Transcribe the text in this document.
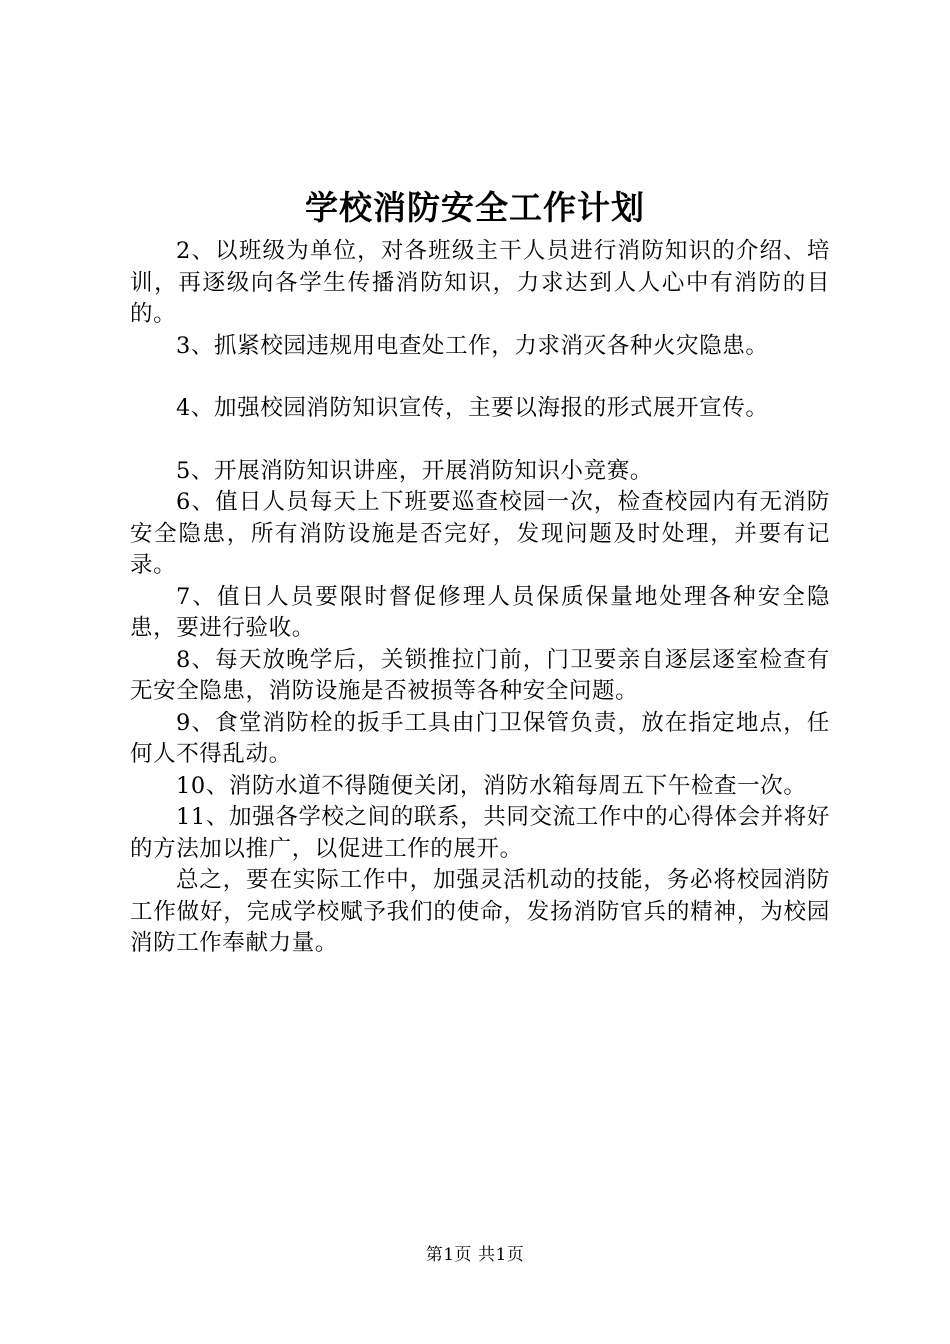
学校消防安全工作计划

2、以班级为单位，对各班级主干人员进行消防知识的介绍、培训，再逐级向各学生传播消防知识，力求达到人人心中有消防的目的。

3、抓紧校园违规用电查处工作，力求消灭各种火灾隐患。

4、加强校园消防知识宣传，主要以海报的形式展开宣传。

5、开展消防知识讲座，开展消防知识小竞赛。

6、值日人员每天上下班要巡查校园一次，检查校园内有无消防安全隐患，所有消防设施是否完好，发现问题及时处理，并要有记录。

7、值日人员要限时督促修理人员保质保量地处理各种安全隐患，要进行验收。

8、每天放晚学后，关锁推拉门前，门卫要亲自逐层逐室检查有无安全隐患，消防设施是否被损等各种安全问题。

9、食堂消防栓的扳手工具由门卫保管负责，放在指定地点，任何人不得乱动。

10、消防水道不得随便关闭，消防水箱每周五下午检查一次。

11、加强各学校之间的联系，共同交流工作中的心得体会并将好的方法加以推广，以促进工作的展开。

总之，要在实际工作中，加强灵活机动的技能，务必将校园消防工作做好，完成学校赋予我们的使命，发扬消防官兵的精神，为校园消防工作奉献力量。

第1页 共1页
